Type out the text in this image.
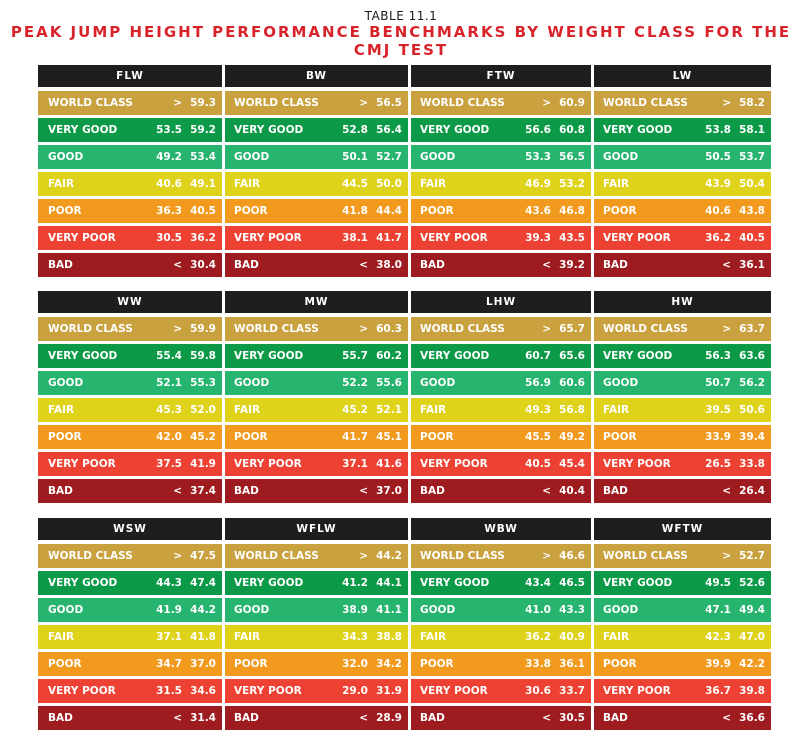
TABLE 11.1
PEAK JUMP HEIGHT PERFORMANCE BENCHMARKS BY WEIGHT CLASS FOR THE CMJ TEST
FLW
WORLD CLASS	> 59.3
VERY GOOD	53.5 59.2
GOOD	49.2 53.4
FAIR	40.6 49.1
POOR	36.3 40.5
VERY POOR	30.5 36.2
BAD	< 30.4
BW
WORLD CLASS	> 56.5
VERY GOOD	52.8 56.4
GOOD	50.1 52.7
FAIR	44.5 50.0
POOR	41.8 44.4
VERY POOR	38.1 41.7
BAD	< 38.0
FTW
WORLD CLASS	> 60.9
VERY GOOD	56.6 60.8
GOOD	53.3 56.5
FAIR	46.9 53.2
POOR	43.6 46.8
VERY POOR	39.3 43.5
BAD	< 39.2
LW
WORLD CLASS	> 58.2
VERY GOOD	53.8 58.1
GOOD	50.5 53.7
FAIR	43.9 50.4
POOR	40.6 43.8
VERY POOR	36.2 40.5
BAD	< 36.1
WW
WORLD CLASS	> 59.9
VERY GOOD	55.4 59.8
GOOD	52.1 55.3
FAIR	45.3 52.0
POOR	42.0 45.2
VERY POOR	37.5 41.9
BAD	< 37.4
MW
WORLD CLASS	> 60.3
VERY GOOD	55.7 60.2
GOOD	52.2 55.6
FAIR	45.2 52.1
POOR	41.7 45.1
VERY POOR	37.1 41.6
BAD	< 37.0
LHW
WORLD CLASS	> 65.7
VERY GOOD	60.7 65.6
GOOD	56.9 60.6
FAIR	49.3 56.8
POOR	45.5 49.2
VERY POOR	40.5 45.4
BAD	< 40.4
HW
WORLD CLASS	> 63.7
VERY GOOD	56.3 63.6
GOOD	50.7 56.2
FAIR	39.5 50.6
POOR	33.9 39.4
VERY POOR	26.5 33.8
BAD	< 26.4
WSW
WORLD CLASS	> 47.5
VERY GOOD	44.3 47.4
GOOD	41.9 44.2
FAIR	37.1 41.8
POOR	34.7 37.0
VERY POOR	31.5 34.6
BAD	< 31.4
WFLW
WORLD CLASS	> 44.2
VERY GOOD	41.2 44.1
GOOD	38.9 41.1
FAIR	34.3 38.8
POOR	32.0 34.2
VERY POOR	29.0 31.9
BAD	< 28.9
WBW
WORLD CLASS	> 46.6
VERY GOOD	43.4 46.5
GOOD	41.0 43.3
FAIR	36.2 40.9
POOR	33.8 36.1
VERY POOR	30.6 33.7
BAD	< 30.5
WFTW
WORLD CLASS	> 52.7
VERY GOOD	49.5 52.6
GOOD	47.1 49.4
FAIR	42.3 47.0
POOR	39.9 42.2
VERY POOR	36.7 39.8
BAD	< 36.6
